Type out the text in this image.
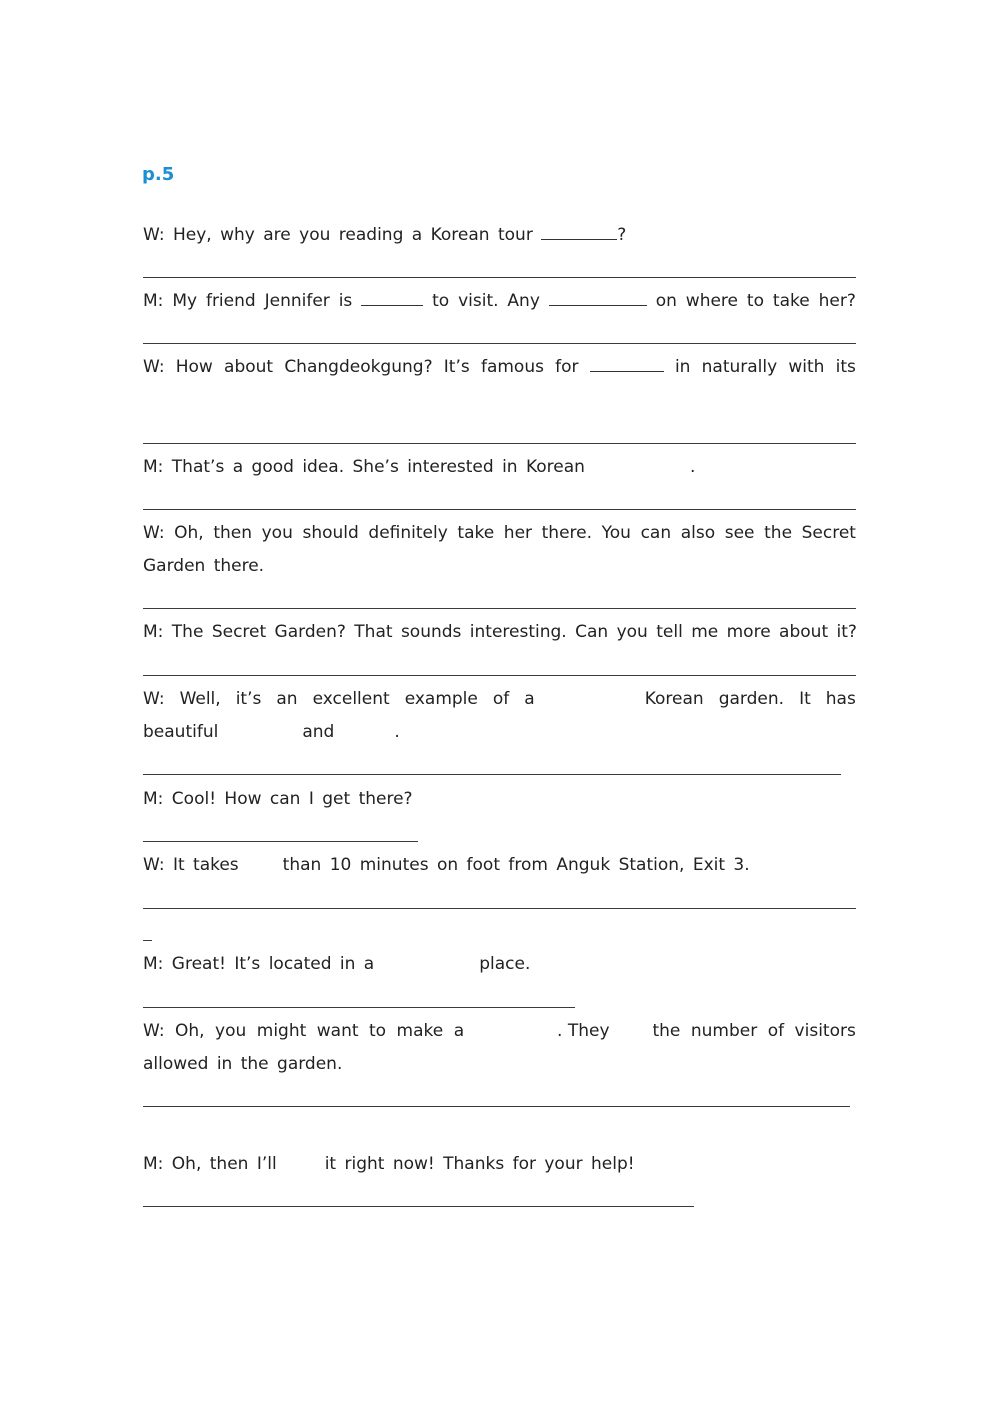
p.5
W: Hey, why are you reading a Korean tour	?
M: My friend Jennifer is	to visit. Any	on where to take her?
W: How about Changdeokgung? It’s famous for	in naturally with its
M: That’s a good idea. She’s interested in Korean	.
W: Oh, then you should definitely take her there. You can also see the Secret
Garden there.
M: The Secret Garden? That sounds interesting. Can you tell me more about it?
W: Well, it’s an excellent example of a	Korean garden. It has
beautiful	and	.
M: Cool! How can I get there?
W: It takes	than 10 minutes on foot from Anguk Station, Exit 3.
M: Great! It’s located in a	place.
W: Oh, you might want to make a	. They	the number of visitors
allowed in the garden.
M: Oh, then I’ll	it right now! Thanks for your help!
